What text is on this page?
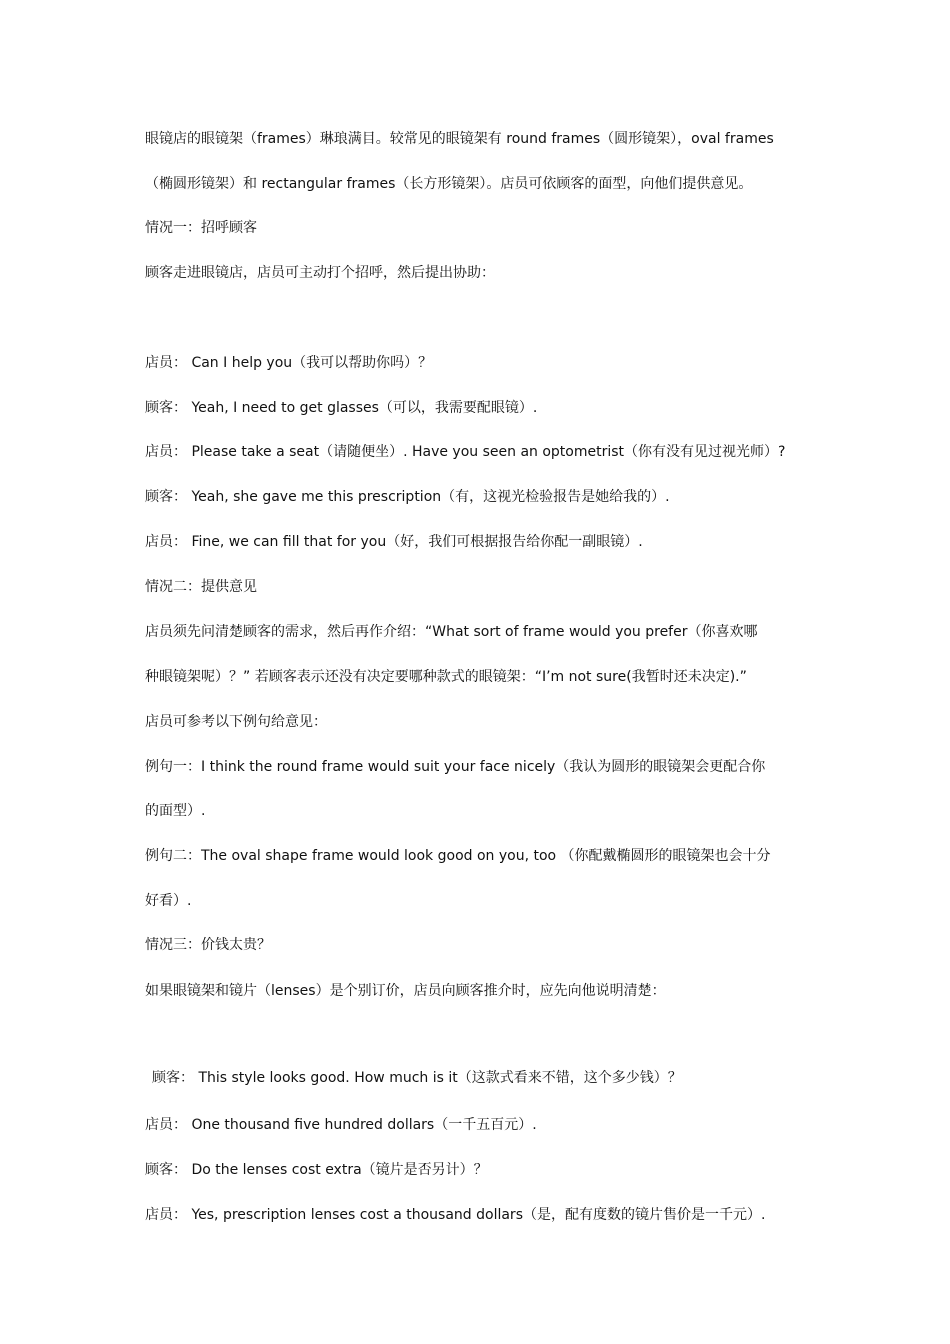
眼镜店的眼镜架（frames）琳琅满目。较常见的眼镜架有 round frames（圆形镜架），oval frames
（椭圆形镜架）和 rectangular frames（长方形镜架）。店员可依顾客的面型，向他们提供意见。
情况一：招呼顾客
顾客走进眼镜店，店员可主动打个招呼，然后提出协助：
店员： Can I help you（我可以帮助你吗）？
顾客： Yeah, I need to get glasses（可以，我需要配眼镜）.
店员： Please take a seat（请随便坐）. Have you seen an optometrist（你有没有见过视光师）?
顾客： Yeah, she gave me this prescription（有，这视光检验报告是她给我的）.
店员： Fine, we can fill that for you（好，我们可根据报告给你配一副眼镜）.
情况二：提供意见
店员须先问清楚顾客的需求，然后再作介绍：“What sort of frame would you prefer（你喜欢哪
种眼镜架呢）？” 若顾客表示还没有决定要哪种款式的眼镜架：“I’m not sure(我暂时还未决定).”
店员可参考以下例句给意见：
例句一：I think the round frame would suit your face nicely（我认为圆形的眼镜架会更配合你
的面型）.
例句二：The oval shape frame would look good on you, too （你配戴椭圆形的眼镜架也会十分
好看）.
情况三：价钱太贵？
如果眼镜架和镜片（lenses）是个别订价，店员向顾客推介时，应先向他说明清楚：
顾客： This style looks good. How much is it（这款式看来不错，这个多少钱）？
店员： One thousand five hundred dollars（一千五百元）.
顾客： Do the lenses cost extra（镜片是否另计）？
店员： Yes, prescription lenses cost a thousand dollars（是，配有度数的镜片售价是一千元）.
